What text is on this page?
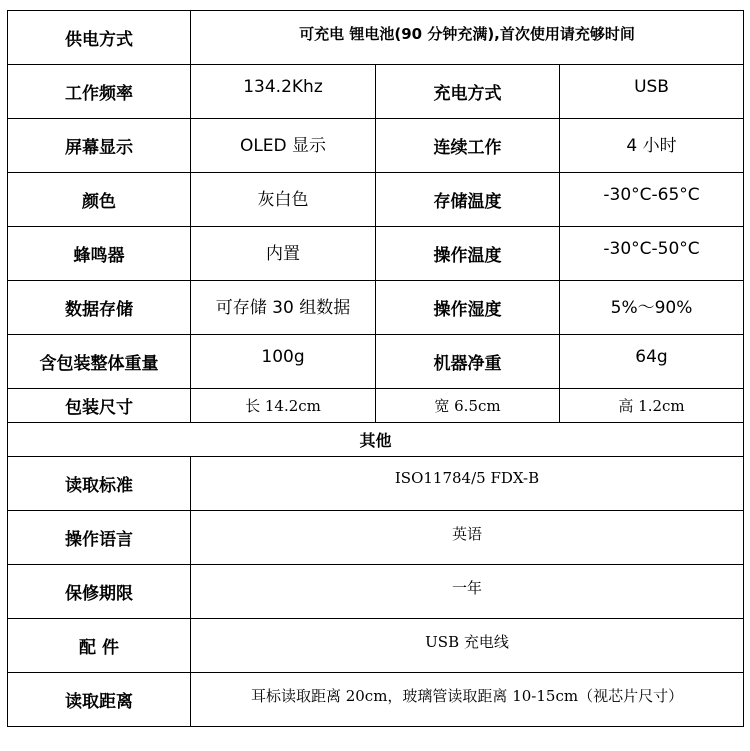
供电方式	可充电 锂电池(90 分钟充满),首次使用请充够时间		
工作频率	134.2Khz	充电方式	USB
屏幕显示	OLED 显示	连续工作	4 小时
颜色	灰白色	存储温度	-30°C-65°C
蜂鸣器	内置	操作温度	-30°C-50°C
数据存储	可存储 30 组数据	操作湿度	5%～90%
含包装整体重量	100g	机器净重	64g
包装尺寸	长 14.2cm	宽 6.5cm	高 1.2cm
其他			
读取标准	ISO11784/5 FDX-B		
操作语言	英语		
保修期限	一年		
配 件	USB 充电线		
读取距离	耳标读取距离 20cm，玻璃管读取距离 10-15cm（视芯片尺寸）		
